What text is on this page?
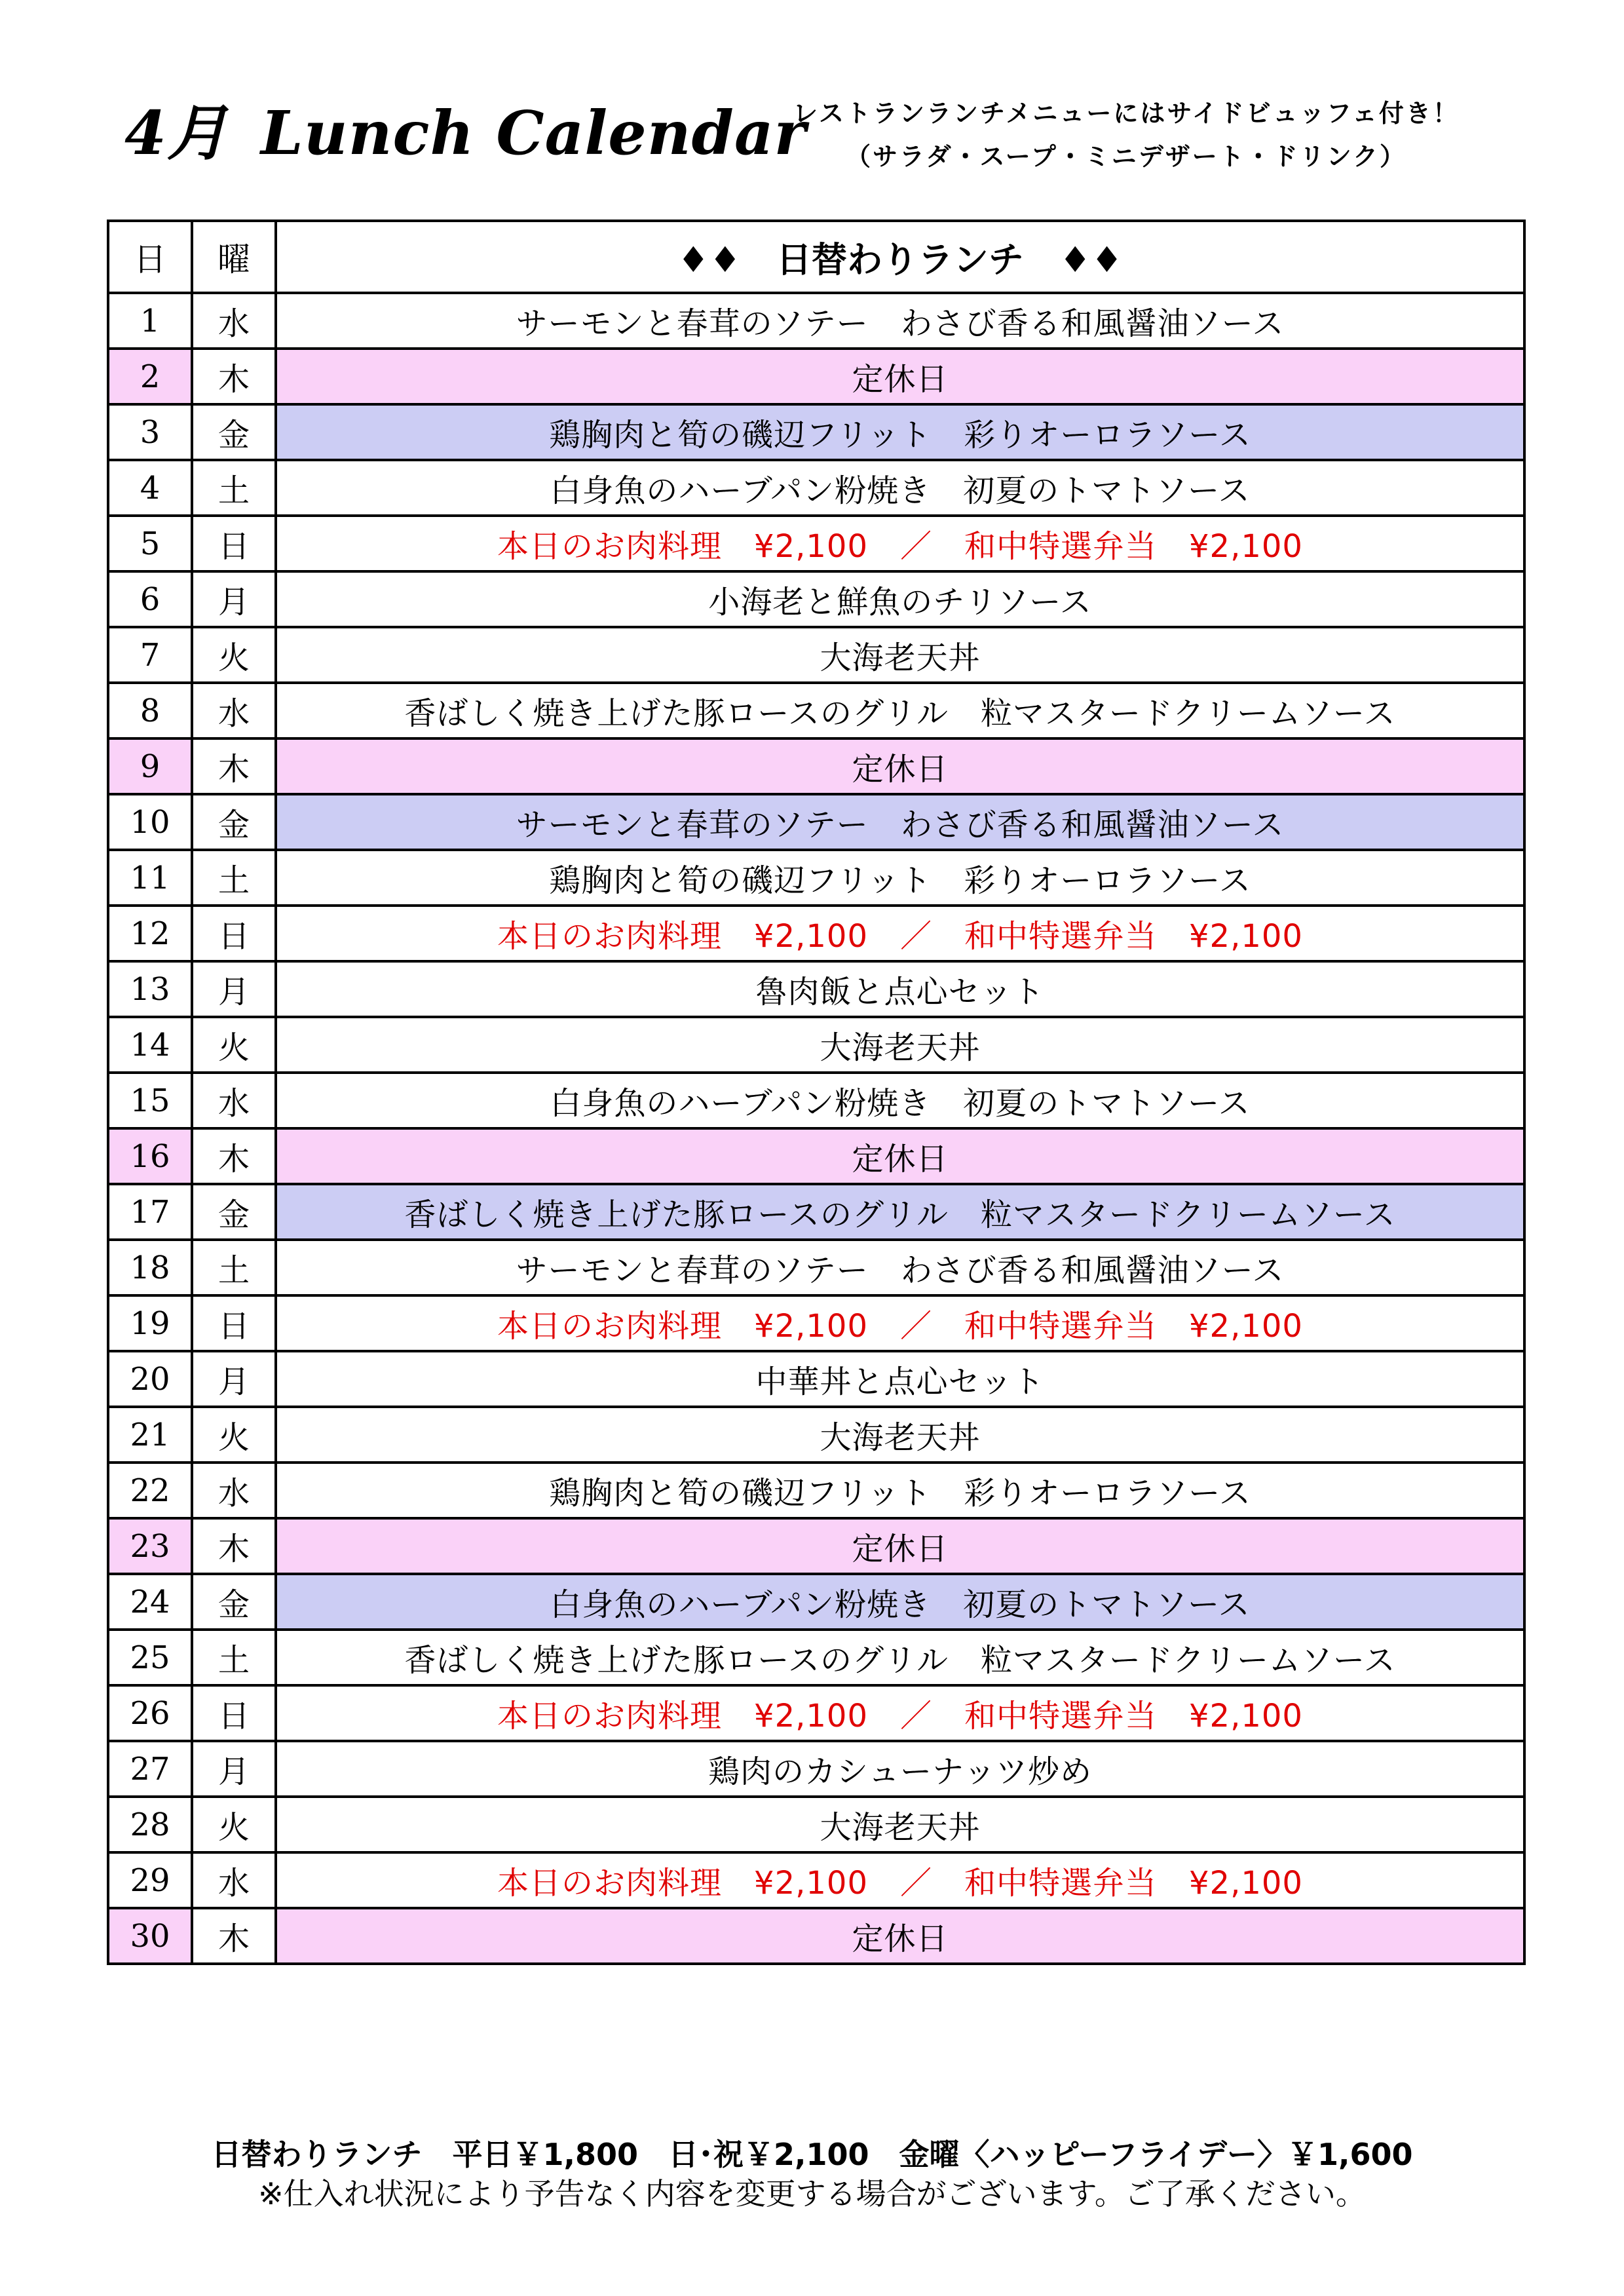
4月 Lunch Calendar
レストランランチメニューにはサイドビュッフェ付き！
（サラダ・スープ・ミニデザート・ドリンク）
日	曜	♦♦　日替わりランチ　♦♦
1	水	サーモンと春茸のソテー　わさび香る和風醤油ソース
2	木	定休日
3	金	鶏胸肉と筍の磯辺フリット　彩りオーロラソース
4	土	白身魚のハーブパン粉焼き　初夏のトマトソース
5	日	本日のお肉料理　¥2,100　／　和中特選弁当　¥2,100
6	月	小海老と鮮魚のチリソース
7	火	大海老天丼
8	水	香ばしく焼き上げた豚ロースのグリル　粒マスタードクリームソース
9	木	定休日
10	金	サーモンと春茸のソテー　わさび香る和風醤油ソース
11	土	鶏胸肉と筍の磯辺フリット　彩りオーロラソース
12	日	本日のお肉料理　¥2,100　／　和中特選弁当　¥2,100
13	月	魯肉飯と点心セット
14	火	大海老天丼
15	水	白身魚のハーブパン粉焼き　初夏のトマトソース
16	木	定休日
17	金	香ばしく焼き上げた豚ロースのグリル　粒マスタードクリームソース
18	土	サーモンと春茸のソテー　わさび香る和風醤油ソース
19	日	本日のお肉料理　¥2,100　／　和中特選弁当　¥2,100
20	月	中華丼と点心セット
21	火	大海老天丼
22	水	鶏胸肉と筍の磯辺フリット　彩りオーロラソース
23	木	定休日
24	金	白身魚のハーブパン粉焼き　初夏のトマトソース
25	土	香ばしく焼き上げた豚ロースのグリル　粒マスタードクリームソース
26	日	本日のお肉料理　¥2,100　／　和中特選弁当　¥2,100
27	月	鶏肉のカシューナッツ炒め
28	火	大海老天丼
29	水	本日のお肉料理　¥2,100　／　和中特選弁当　¥2,100
30	木	定休日
日替わりランチ　平日￥1,800　日･祝￥2,100　金曜〈ハッピーフライデー〉￥1,600
※仕入れ状況により予告なく内容を変更する場合がございます。ご了承ください。
